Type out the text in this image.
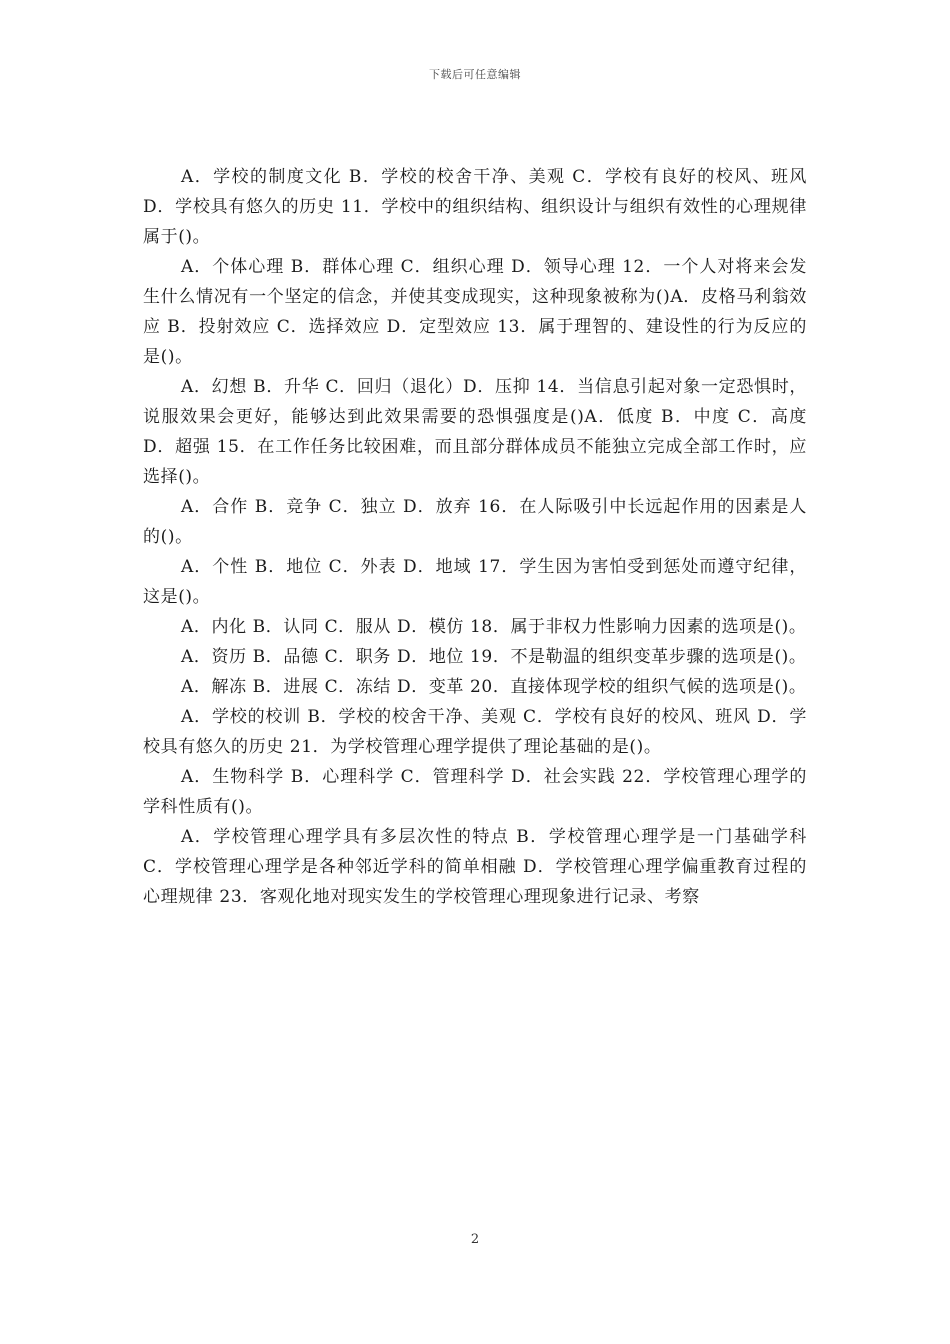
下载后可任意编辑

A．学校的制度文化 B．学校的校舍干净、美观 C．学校有良好的校风、班风 D．学校具有悠久的历史 11．学校中的组织结构、组织设计与组织有效性的心理规律属于()。

A．个体心理 B．群体心理 C．组织心理 D．领导心理 12．一个人对将来会发生什么情况有一个坚定的信念，并使其变成现实，这种现象被称为()A．皮格马利翁效应 B．投射效应 C．选择效应 D．定型效应 13．属于理智的、建设性的行为反应的是()。

A．幻想 B．升华 C．回归（退化）D．压抑 14．当信息引起对象一定恐惧时，说服效果会更好，能够达到此效果需要的恐惧强度是()A．低度 B．中度 C．高度 D．超强 15．在工作任务比较困难，而且部分群体成员不能独立完成全部工作时，应选择()。

A．合作 B．竞争 C．独立 D．放弃 16．在人际吸引中长远起作用的因素是人的()。

A．个性 B．地位 C．外表 D．地域 17．学生因为害怕受到惩处而遵守纪律，这是()。

A．内化 B．认同 C．服从 D．模仿 18．属于非权力性影响力因素的选项是()。

A．资历 B．品德 C．职务 D．地位 19．不是勒温的组织变革步骤的选项是()。

A．解冻 B．进展 C．冻结 D．变革 20．直接体现学校的组织气候的选项是()。

A．学校的校训 B．学校的校舍干净、美观 C．学校有良好的校风、班风 D．学校具有悠久的历史 21．为学校管理心理学提供了理论基础的是()。

A．生物科学 B．心理科学 C．管理科学 D．社会实践 22．学校管理心理学的学科性质有()。

A．学校管理心理学具有多层次性的特点 B．学校管理心理学是一门基础学科 C．学校管理心理学是各种邻近学科的简单相融 D．学校管理心理学偏重教育过程的心理规律 23．客观化地对现实发生的学校管理心理现象进行记录、考察

2
